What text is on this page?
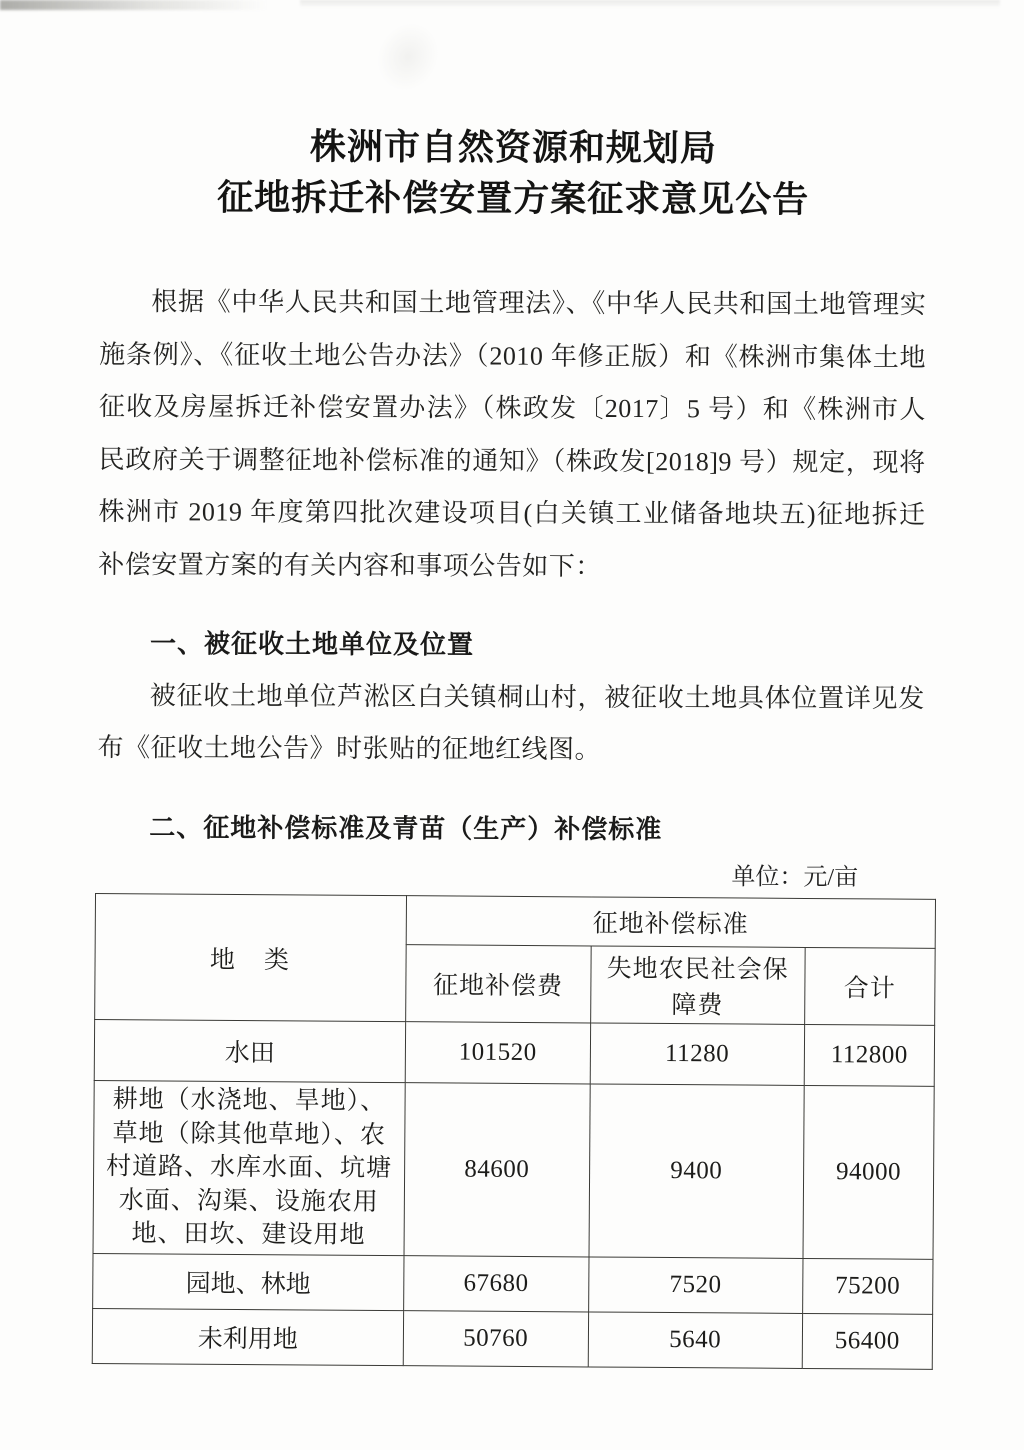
株洲市自然资源和规划局
征地拆迁补偿安置方案征求意见公告

根据《中华人民共和国土地管理法》、《中华人民共和国土地管理实施条例》、《征收土地公告办法》（2010 年修正版）和《株洲市集体土地征收及房屋拆迁补偿安置办法》（株政发〔2017〕5 号）和《株洲市人民政府关于调整征地补偿标准的通知》（株政发[2018]9 号）规定，现将株洲市 2019 年度第四批次建设项目(白关镇工业储备地块五)征地拆迁补偿安置方案的有关内容和事项公告如下：

一、被征收土地单位及位置

被征收土地单位芦淞区白关镇桐山村，被征收土地具体位置详见发布《征收土地公告》时张贴的征地红线图。

二、征地补偿标准及青苗（生产）补偿标准
单位：元/亩
地　类	征地补偿标准		
	征地补偿费	失地农民社会保障费	合计
水田	101520	11280	112800
耕地（水浇地、旱地）、草地（除其他草地）、农村道路、水库水面、坑塘水面、沟渠、设施农用地、田坎、建设用地	84600	9400	94000
园地、林地	67680	7520	75200
未利用地	50760	5640	56400
